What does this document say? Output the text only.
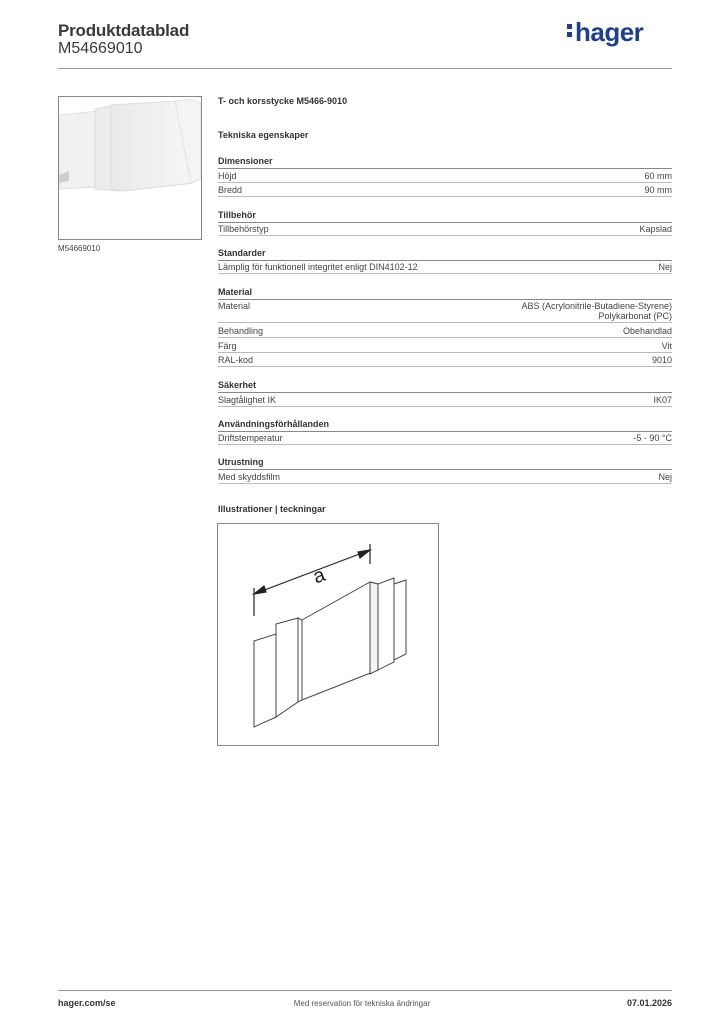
Produktdatablad
M54669010
hager
M54669010
T- och korsstycke M5466-9010
Tekniska egenskaper
Dimensioner
Höjd	60 mm
Bredd	90 mm
Tillbehör
Tillbehörstyp	Kapslad
Standarder
Lämplig för funktionell integritet enligt DIN4102-12	Nej
Material
Material	ABS (Acrylonitrile-Butadiene-Styrene)
Polykarbonat (PC)
Behandling	Obehandlad
Färg	Vit
RAL-kod	9010
Säkerhet
Slagtålighet IK	IK07
Användningsförhållanden
Driftstemperatur	-5 - 90 °C
Utrustning
Med skyddsfilm	Nej
Illustrationer | teckningar
a
hager.com/se	Med reservation för tekniska ändringar	07.01.2026
